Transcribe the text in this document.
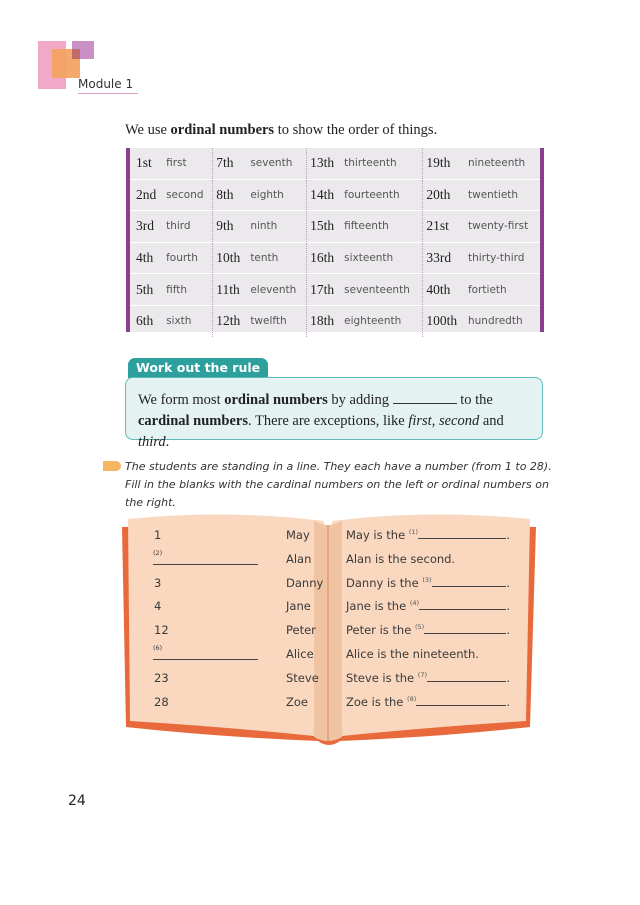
Module 1
We use ordinal numbers to show the order of things.
1st	first	7th	seventh	13th	thirteenth	19th	nineteenth
2nd	second	8th	eighth	14th	fourteenth	20th	twentieth
3rd	third	9th	ninth	15th	fifteenth	21st	twenty-first
4th	fourth	10th	tenth	16th	sixteenth	33rd	thirty-third
5th	fifth	11th	eleventh	17th	seventeenth	40th	fortieth
6th	sixth	12th	twelfth	18th	eighteenth	100th	hundredth
Work out the rule
We form most ordinal numbers by adding	to the cardinal numbers. There are exceptions, like first, second and third.
The students are standing in a line. They each have a number (from 1 to 28). Fill in the blanks with the cardinal numbers on the left or ordinal numbers on the right.
1	May	May is the $^{(1)}$	.
(2)	Alan	Alan is the second.
3	Danny Danny is the $^{(3)}$	.
4	Jane	Jane is the $^{(4)}$	.
12	Peter	Peter is the $^{(5)}$	.
(6)	Alice	Alice is the nineteenth.
23	Steve Steve is the $^{(7)}$	.
28	Zoe	Zoe is the $^{(8)}$	.
24
